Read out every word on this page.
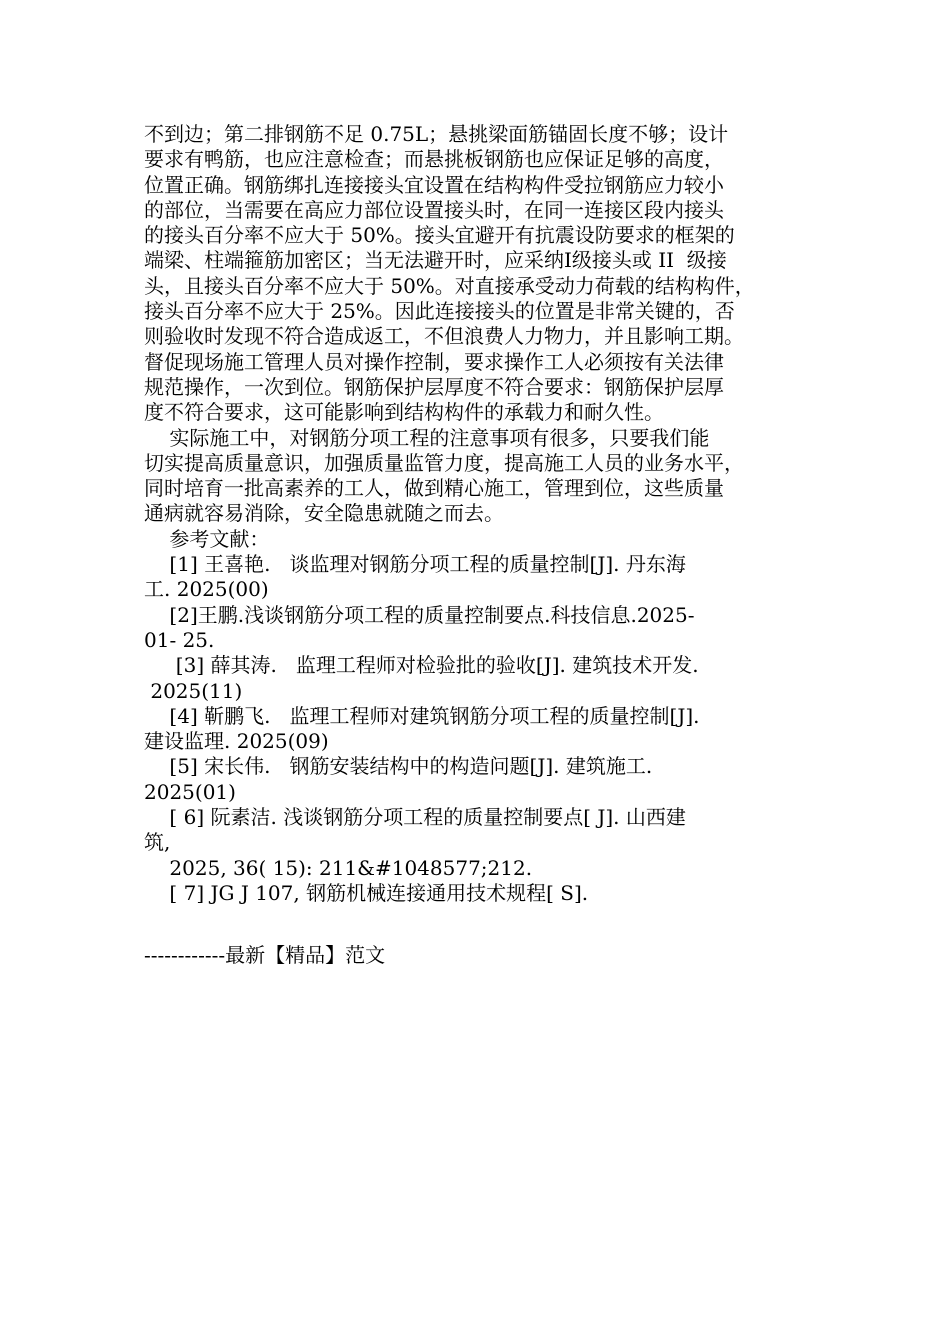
不到边；第二排钢筋不足 0.75L；悬挑梁面筋锚固长度不够；设计
要求有鸭筋，也应注意检查；而悬挑板钢筋也应保证足够的高度，
位置正确。钢筋绑扎连接接头宜设置在结构构件受拉钢筋应力较小
的部位，当需要在高应力部位设置接头时，在同一连接区段内接头
的接头百分率不应大于 50%。接头宜避开有抗震设防要求的框架的
端梁、柱端箍筋加密区；当无法避开时，应采纳Ⅰ级接头或 II  级接
头，且接头百分率不应大于 50%。对直接承受动力荷载的结构构件，
接头百分率不应大于 25%。因此连接接头的位置是非常关键的，否
则验收时发现不符合造成返工，不但浪费人力物力，并且影响工期。
督促现场施工管理人员对操作控制，要求操作工人必须按有关法律
规范操作，一次到位。钢筋保护层厚度不符合要求：钢筋保护层厚
度不符合要求，这可能影响到结构构件的承载力和耐久性。
实际施工中，对钢筋分项工程的注意事项有很多，只要我们能
切实提高质量意识，加强质量监管力度，提高施工人员的业务水平，
同时培育一批高素养的工人，做到精心施工，管理到位，这些质量
通病就容易消除，安全隐患就随之而去。
参考文献：
[1] 王喜艳.   谈监理对钢筋分项工程的质量控制[J]. 丹东海
工. 2025(00)
[2]王鹏.浅谈钢筋分项工程的质量控制要点.科技信息.2025-
01- 25.
[3] 薛其涛.   监理工程师对检验批的验收[J]. 建筑技术开发.
2025(11)
[4] 靳鹏飞.   监理工程师对建筑钢筋分项工程的质量控制[J].
建设监理. 2025(09)
[5] 宋长伟.   钢筋安装结构中的构造问题[J]. 建筑施工.
2025(01)
[ 6] 阮素洁. 浅谈钢筋分项工程的质量控制要点[ J]. 山西建
筑,
2025, 36( 15): 211&#1048577;212.
[ 7] JG J 107, 钢筋机械连接通用技术规程[ S].
------------最新【精品】范文
